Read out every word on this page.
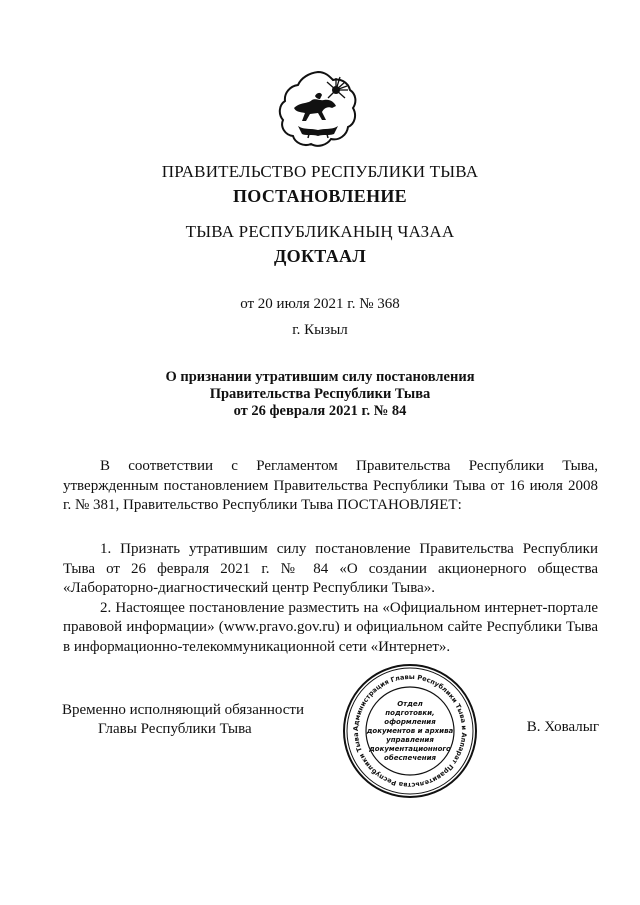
ПРАВИТЕЛЬСТВО РЕСПУБЛИКИ ТЫВА
ПОСТАНОВЛЕНИЕ
ТЫВА РЕСПУБЛИКАНЫҢ ЧАЗАА
ДОКТААЛ
от 20 июля 2021 г. № 368
г. Кызыл
О признании утратившим силу постановления
Правительства Республики Тыва
от 26 февраля 2021 г. № 84

В соответствии с Регламентом Правительства Республики Тыва, утвержденным постановлением Правительства Республики Тыва от 16 июля 2008 г. № 381, Правительство Республики Тыва ПОСТАНОВЛЯЕТ:

1. Признать утратившим силу постановление Правительства Республики Тыва от 26 февраля 2021 г. № 84 «О создании акционерного общества «Лабораторно-диагностический центр Республики Тыва».

2. Настоящее постановление разместить на «Официальном интернет-портале правовой информации» (www.pravo.gov.ru) и официальном сайте Республики Тыва в информационно-телекоммуникационной сети «Интернет».

Временно исполняющий обязанности
Главы Республики Тыва	Администрация Главы Республики Тыва и Аппарат Правительства Республики Тыва
Отдел
подготовки,
оформления
документов и архива
управления
документационного
обеспечения
В. Ховалыг
